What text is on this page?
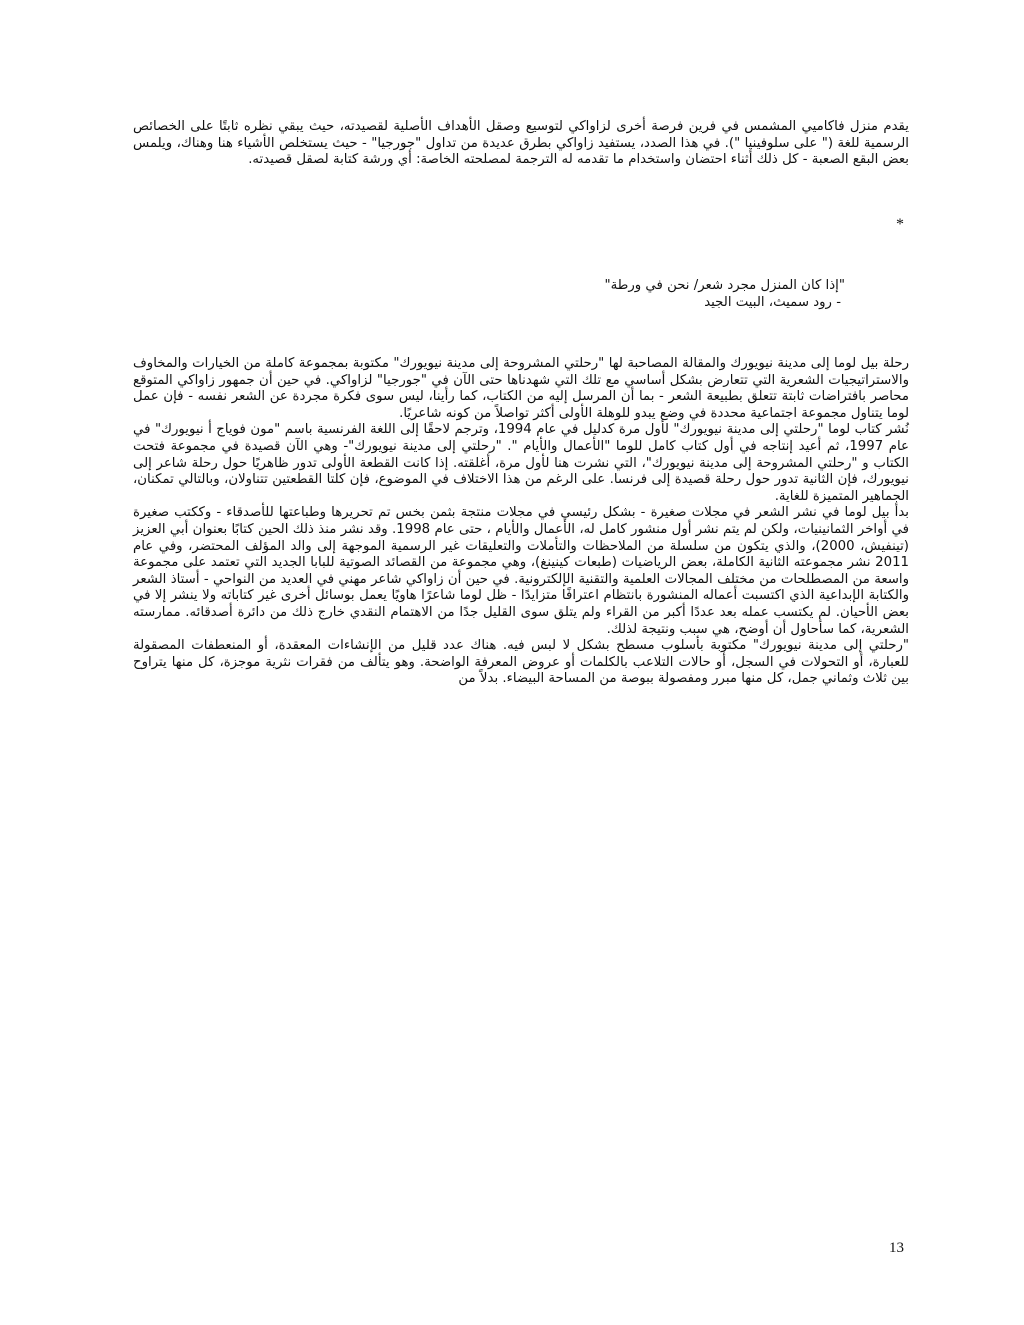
يقدم منزل فاكاميي المشمس في فرين فرصة أخرى لزاواكي لتوسيع وصقل الأهداف الأصلية لقصيدته، حيث يبقي نظره ثابتًا على الخصائص الرسمية للغة (" على سلوفينيا "). في هذا الصدد، يستفيد زاواكي بطرق عديدة من تداول "جورجيا" - حيث يستخلص الأشياء هنا وهناك، ويلمس بعض البقع الصعبة - كل ذلك أثناء احتضان واستخدام ما تقدمه له الترجمة لمصلحته الخاصة: أي ورشة كتابة لصقل قصيدته.
*
"إذا كان المنزل مجرد شعر/ نحن في ورطة"
- رود سميث، البيت الجيد

رحلة بيل لوما إلى مدينة نيويورك والمقالة المصاحبة لها "رحلتي المشروحة إلى مدينة نيويورك" مكتوبة بمجموعة كاملة من الخيارات والمخاوف والاستراتيجيات الشعرية التي تتعارض بشكل أساسي مع تلك التي شهدناها حتى الآن في "جورجيا" لزاواكي. في حين أن جمهور زاواكي المتوقع محاصر بافتراضات ثابتة تتعلق بطبيعة الشعر - بما أن المرسل إليه من الكتاب، كما رأينا، ليس سوى فكرة مجردة عن الشعر نفسه - فإن عمل لوما يتناول مجموعة اجتماعية محددة في وضع يبدو للوهلة الأولى أكثر تواصلاً من كونه شاعريًا.

نُشر كتاب لوما "رحلتي إلى مدينة نيويورك" لأول مرة كدليل في عام 1994، وترجم لاحقًا إلى اللغة الفرنسية باسم "مون فوياج أ نيويورك" في عام 1997، ثم أعيد إنتاجه في أول كتاب كامل للوما "الأعمال والأيام ". "رحلتي إلى مدينة نيويورك"- وهي الآن قصيدة في مجموعة فتحت الكتاب و "رحلتي المشروحة إلى مدينة نيويورك"، التي نشرت هنا لأول مرة، أغلقته. إذا كانت القطعة الأولى تدور ظاهريًا حول رحلة شاعر إلى نيويورك، فإن الثانية تدور حول رحلة قصيدة إلى فرنسا. على الرغم من هذا الاختلاف في الموضوع، فإن كلتا القطعتين تتناولان، وبالتالي تمكنان، الجماهير المتميزة للغاية.

بدأ بيل لوما في نشر الشعر في مجلات صغيرة - بشكل رئيسي في مجلات منتجة بثمن بخس تم تحريرها وطباعتها للأصدقاء - وككتب صغيرة في أواخر الثمانينيات، ولكن لم يتم نشر أول منشور كامل له، الأعمال والأيام ، حتى عام 1998. وقد نشر منذ ذلك الحين كتابًا بعنوان أبي العزيز (تينفيش، 2000)، والذي يتكون من سلسلة من الملاحظات والتأملات والتعليقات غير الرسمية الموجهة إلى والد المؤلف المحتضر، وفي عام 2011 نشر مجموعته الثانية الكاملة، بعض الرياضيات (طبعات كينينغ)، وهي مجموعة من القصائد الصوتية للبابا الجديد التي تعتمد على مجموعة واسعة من المصطلحات من مختلف المجالات العلمية والتقنية الإلكترونية. في حين أن زاواكي شاعر مهني في العديد من النواحي - أستاذ الشعر والكتابة الإبداعية الذي اكتسبت أعماله المنشورة بانتظام اعترافًا متزايدًا - ظل لوما شاعرًا هاويًا يعمل بوسائل أخرى غير كتاباته ولا ينشر إلا في بعض الأحيان. لم يكتسب عمله بعد عددًا أكبر من القراء ولم يتلق سوى القليل جدًا من الاهتمام النقدي خارج ذلك من دائرة أصدقائه. ممارسته الشعرية، كما سأحاول أن أوضح، هي سبب ونتيجة لذلك.

"رحلتي إلى مدينة نيويورك" مكتوبة بأسلوب مسطح بشكل لا لبس فيه. هناك عدد قليل من الإنشاءات المعقدة، أو المنعطفات المصقولة للعبارة، أو التحولات في السجل، أو حالات التلاعب بالكلمات أو عروض المعرفة الواضحة. وهو يتألف من فقرات نثرية موجزة، كل منها يتراوح بين ثلاث وثماني جمل، كل منها مبرر ومفصولة ببوصة من المساحة البيضاء. بدلاً من

13
